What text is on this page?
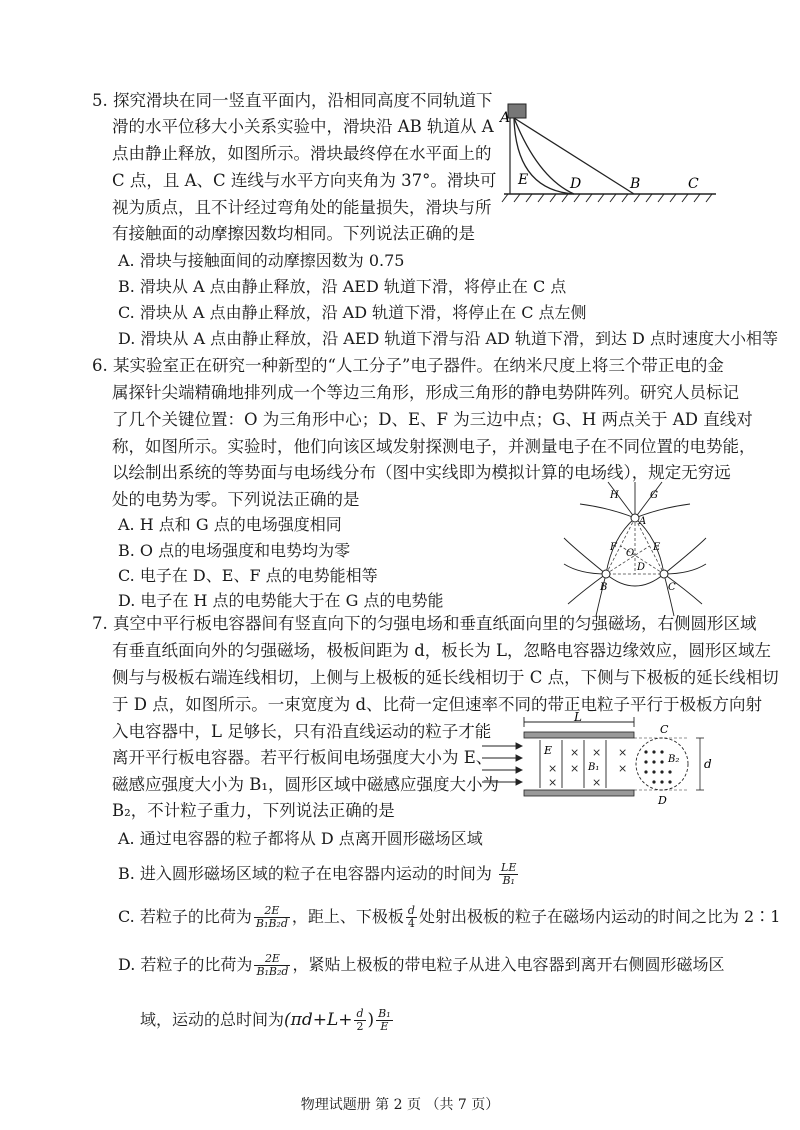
5. 探究滑块在同一竖直平面内，沿相同高度不同轨道下
滑的水平位移大小关系实验中，滑块沿 AB 轨道从 A
点由静止释放，如图所示。滑块最终停在水平面上的
C 点，且 A、C 连线与水平方向夹角为 37°。滑块可
视为质点，且不计经过弯角处的能量损失，滑块与所
有接触面的动摩擦因数均相同。下列说法正确的是
A. 滑块与接触面间的动摩擦因数为 0.75
B. 滑块从 A 点由静止释放，沿 AED 轨道下滑，将停止在 C 点
C. 滑块从 A 点由静止释放，沿 AD 轨道下滑，将停止在 C 点左侧
D. 滑块从 A 点由静止释放，沿 AED 轨道下滑与沿 AD 轨道下滑，到达 D 点时速度大小相等
A
E	D	B	C
6. 某实验室正在研究一种新型的“人工分子”电子器件。在纳米尺度上将三个带正电的金
属探针尖端精确地排列成一个等边三角形，形成三角形的静电势阱阵列。研究人员标记
了几个关键位置：O 为三角形中心；D、E、F 为三边中点；G、H 两点关于 AD 直线对
称，如图所示。实验时，他们向该区域发射探测电子，并测量电子在不同位置的电势能，
以绘制出系统的等势面与电场线分布（图中实线即为模拟计算的电场线），规定无穷远
处的电势为零。下列说法正确的是
A. H 点和 G 点的电场强度相同
B. O 点的电场强度和电势均为零
C. 电子在 D、E、F 点的电势能相等
D. 电子在 H 点的电势能大于在 G 点的电势能
H	G
A
F	E
O
B
D
C
7. 真空中平行板电容器间有竖直向下的匀强电场和垂直纸面向里的匀强磁场，右侧圆形区域
有垂直纸面向外的匀强磁场，极板间距为 d，板长为 L，忽略电容器边缘效应，圆形区域左
侧与与极板右端连线相切，上侧与上极板的延长线相切于 C 点，下侧与下极板的延长线相切
于 D 点，如图所示。一束宽度为 d、比荷一定但速率不同的带正电粒子平行于极板方向射
入电容器中，L 足够长，只有沿直线运动的粒子才能
离开平行板电容器。若平行板间电场强度大小为 E、
磁感应强度大小为 B₁，圆形区域中磁感应强度大小为
B₂，不计粒子重力，下列说法正确的是
A. 通过电容器的粒子都将从 D 点离开圆形磁场区域
B. 进入圆形磁场区域的粒子在电容器内运动的时间为 $\frac{LE}{\text{B₁}}$
C. 若粒子的比荷为 $\frac{2E}{\text{B₁B₂d}}$ ，距上、下极板 $\frac{d}{4}$ 处射出极板的粒子在磁场内运动的时间之比为 2∶1
D. 若粒子的比荷为 $\frac{2E}{\text{B₁B₂d}}$ ，紧贴上极板的带电粒子从进入电容器到离开右侧圆形磁场区
域，运动的总时间为($\pi d+L+ \frac{d}{2}$ ) $\frac{\text{B₁}}{E}$
L
E
×
×
×
× ×
×
×	×
B₁
C
B₂ d
D
物理试题册 第 2 页 （共 7 页）
